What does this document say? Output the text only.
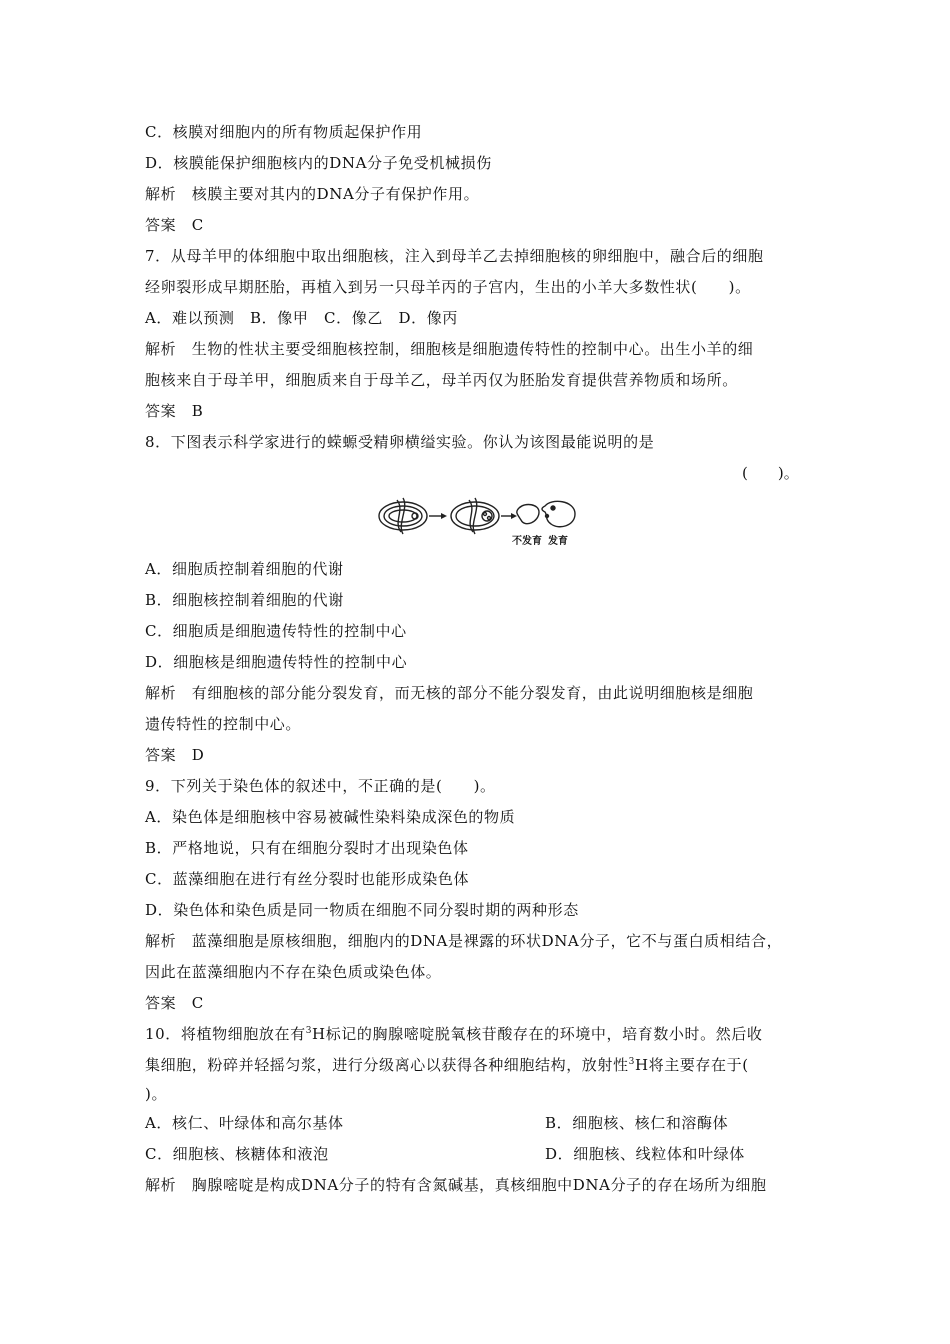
C．核膜对细胞内的所有物质起保护作用
D．核膜能保护细胞核内的DNA分子免受机械损伤
解析　核膜主要对其内的DNA分子有保护作用。
答案　C
7．从母羊甲的体细胞中取出细胞核，注入到母羊乙去掉细胞核的卵细胞中，融合后的细胞
经卵裂形成早期胚胎，再植入到另一只母羊丙的子宫内，生出的小羊大多数性状(　　)。
A．难以预测　B．像甲　C．像乙　D．像丙
解析　生物的性状主要受细胞核控制，细胞核是细胞遗传特性的控制中心。出生小羊的细
胞核来自于母羊甲，细胞质来自于母羊乙，母羊丙仅为胚胎发育提供营养物质和场所。
答案　B
8．下图表示科学家进行的蝾螈受精卵横缢实验。你认为该图最能说明的是
(　　)。
不发育 发育
A．细胞质控制着细胞的代谢
B．细胞核控制着细胞的代谢
C．细胞质是细胞遗传特性的控制中心
D．细胞核是细胞遗传特性的控制中心
解析　有细胞核的部分能分裂发育，而无核的部分不能分裂发育，由此说明细胞核是细胞
遗传特性的控制中心。
答案　D
9．下列关于染色体的叙述中，不正确的是(　　)。
A．染色体是细胞核中容易被碱性染料染成深色的物质
B．严格地说，只有在细胞分裂时才出现染色体
C．蓝藻细胞在进行有丝分裂时也能形成染色体
D．染色体和染色质是同一物质在细胞不同分裂时期的两种形态
解析　蓝藻细胞是原核细胞，细胞内的DNA是裸露的环状DNA分子，它不与蛋白质相结合，
因此在蓝藻细胞内不存在染色质或染色体。
答案　C
10．将植物细胞放在有$^3$H标记的胸腺嘧啶脱氧核苷酸存在的环境中，培育数小时。然后收
集细胞，粉碎并轻摇匀浆，进行分级离心以获得各种细胞结构，放射性$^3$H将主要存在于(
)。
A．核仁、叶绿体和高尔基体	B．细胞核、核仁和溶酶体
C．细胞核、核糖体和液泡	D．细胞核、线粒体和叶绿体
解析　胸腺嘧啶是构成DNA分子的特有含氮碱基，真核细胞中DNA分子的存在场所为细胞
